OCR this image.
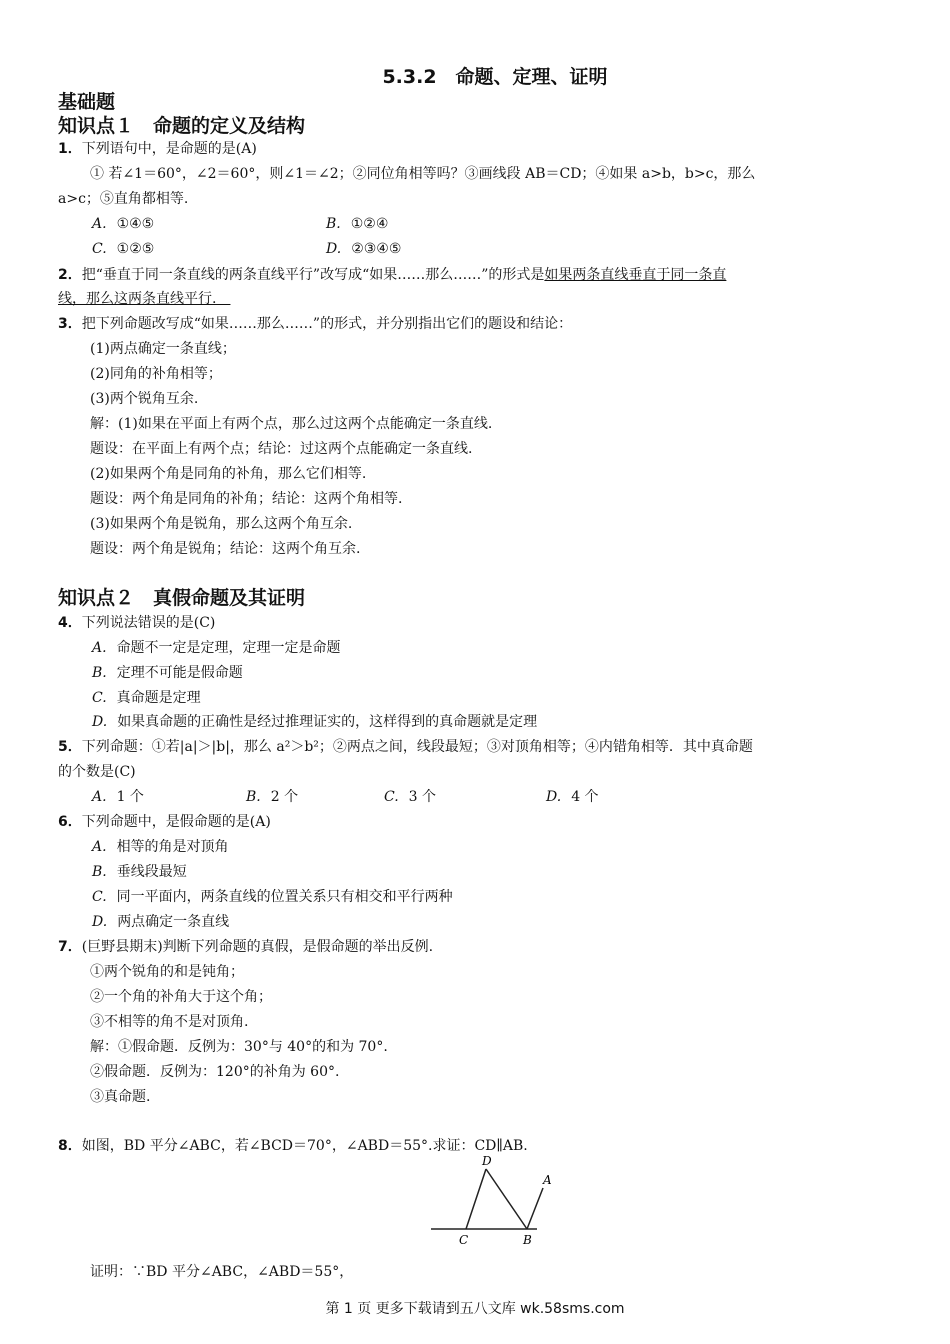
5.3.2　命题、定理、证明
基础题
知识点１　命题的定义及结构
1．下列语句中，是命题的是(A)
① 若∠1＝60°，∠2＝60°，则∠1＝∠2；②同位角相等吗？③画线段 AB＝CD；④如果 a>b，b>c，那么
a>c；⑤直角都相等.
A. ①④⑤	B. ①②④
C. ①②⑤	D. ②③④⑤
2．把“垂直于同一条直线的两条直线平行”改写成“如果……那么……”的形式是如果两条直线垂直于同一条直
线，那么这两条直线平行.　
3．把下列命题改写成“如果……那么……”的形式，并分别指出它们的题设和结论：
(1)两点确定一条直线；
(2)同角的补角相等；
(3)两个锐角互余.
解：(1)如果在平面上有两个点，那么过这两个点能确定一条直线.
题设：在平面上有两个点；结论：过这两个点能确定一条直线.
(2)如果两个角是同角的补角，那么它们相等.
题设：两个角是同角的补角；结论：这两个角相等.
(3)如果两个角是锐角，那么这两个角互余.
题设：两个角是锐角；结论：这两个角互余.
知识点２　真假命题及其证明
4．下列说法错误的是(C)
A. 命题不一定是定理，定理一定是命题
B. 定理不可能是假命题
C. 真命题是定理
D. 如果真命题的正确性是经过推理证实的，这样得到的真命题就是定理
5．下列命题：①若|a|＞|b|，那么 a²＞b²；②两点之间，线段最短；③对顶角相等；④内错角相等．其中真命题
的个数是(C)
A. 1 个	B. 2 个	C. 3 个	D. 4 个
6．下列命题中，是假命题的是(A)
A. 相等的角是对顶角
B. 垂线段最短
C. 同一平面内，两条直线的位置关系只有相交和平行两种
D. 两点确定一条直线
7．(巨野县期末)判断下列命题的真假，是假命题的举出反例.
①两个锐角的和是钝角；
②一个角的补角大于这个角；
③不相等的角不是对顶角.
解：①假命题．反例为：30°与 40°的和为 70°.
②假命题．反例为：120°的补角为 60°.
③真命题.
8．如图，BD 平分∠ABC，若∠BCD＝70°，∠ABD＝55°.求证：CD∥AB.
D
A
C	B
证明：∵BD 平分∠ABC，∠ABD＝55°，
第 1 页 更多下载请到五八文库 wk.58sms.com
